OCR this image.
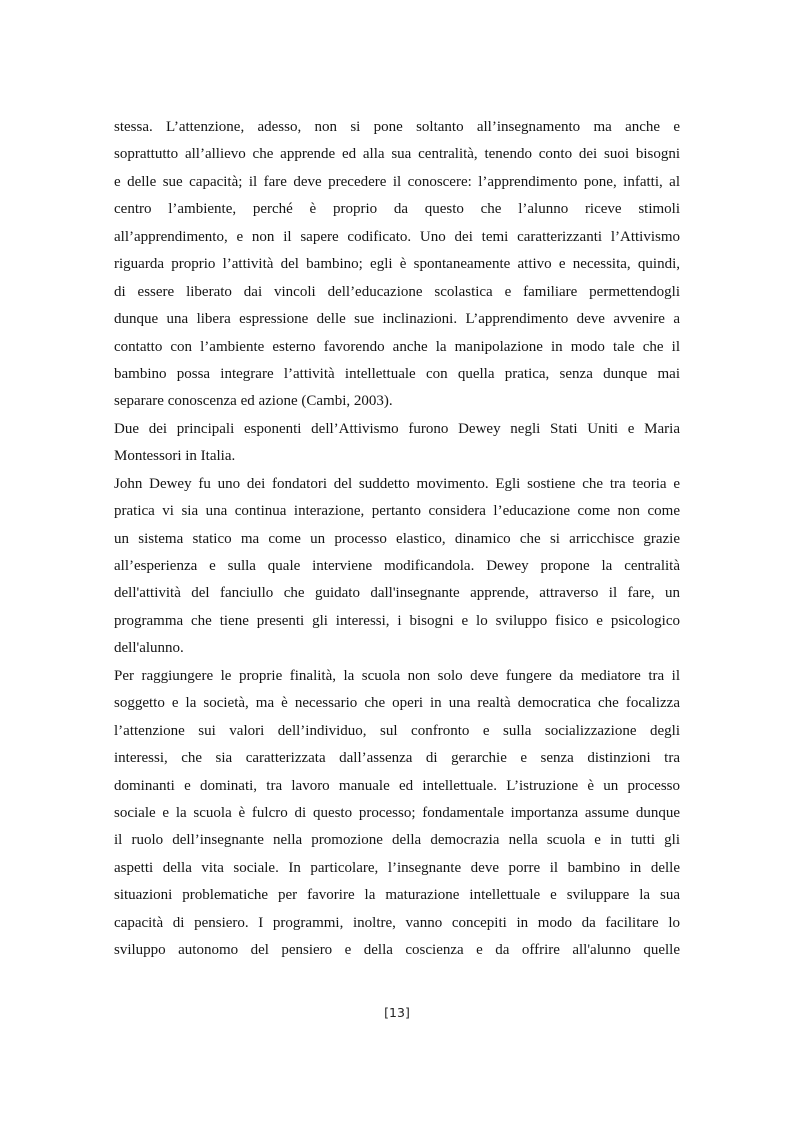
stessa. L’attenzione, adesso, non si pone soltanto all’insegnamento ma anche e
soprattutto all’allievo che apprende ed alla sua centralità, tenendo conto dei suoi bisogni
e delle sue capacità; il fare deve precedere il conoscere: l’apprendimento pone, infatti, al
centro l’ambiente, perché è proprio da questo che l’alunno riceve stimoli
all’apprendimento, e non il sapere codificato. Uno dei temi caratterizzanti l’Attivismo
riguarda proprio l’attività del bambino; egli è spontaneamente attivo e necessita, quindi,
di essere liberato dai vincoli dell’educazione scolastica e familiare permettendogli
dunque una libera espressione delle sue inclinazioni. L’apprendimento deve avvenire a
contatto con l’ambiente esterno favorendo anche la manipolazione in modo tale che il
bambino possa integrare l’attività intellettuale con quella pratica, senza dunque mai
separare conoscenza ed azione (Cambi, 2003).
Due dei principali esponenti dell’Attivismo furono Dewey negli Stati Uniti e Maria
Montessori in Italia.
John Dewey fu uno dei fondatori del suddetto movimento. Egli sostiene che tra teoria e
pratica vi sia una continua interazione, pertanto considera l’educazione come non come
un sistema statico ma come un processo elastico, dinamico che si arricchisce grazie
all’esperienza e sulla quale interviene modificandola. Dewey propone la centralità
dell'attività del fanciullo che guidato dall'insegnante apprende, attraverso il fare, un
programma che tiene presenti gli interessi, i bisogni e lo sviluppo fisico e psicologico
dell'alunno.
Per raggiungere le proprie finalità, la scuola non solo deve fungere da mediatore tra il
soggetto e la società, ma è necessario che operi in una realtà democratica che focalizza
l’attenzione sui valori dell’individuo, sul confronto e sulla socializzazione degli
interessi, che sia caratterizzata dall’assenza di gerarchie e senza distinzioni tra
dominanti e dominati, tra lavoro manuale ed intellettuale. L’istruzione è un processo
sociale e la scuola è fulcro di questo processo; fondamentale importanza assume dunque
il ruolo dell’insegnante nella promozione della democrazia nella scuola e in tutti gli
aspetti della vita sociale. In particolare, l’insegnante deve porre il bambino in delle
situazioni problematiche per favorire la maturazione intellettuale e sviluppare la sua
capacità di pensiero. I programmi, inoltre, vanno concepiti in modo da facilitare lo
sviluppo autonomo del pensiero e della coscienza e da offrire all'alunno quelle
[13]
